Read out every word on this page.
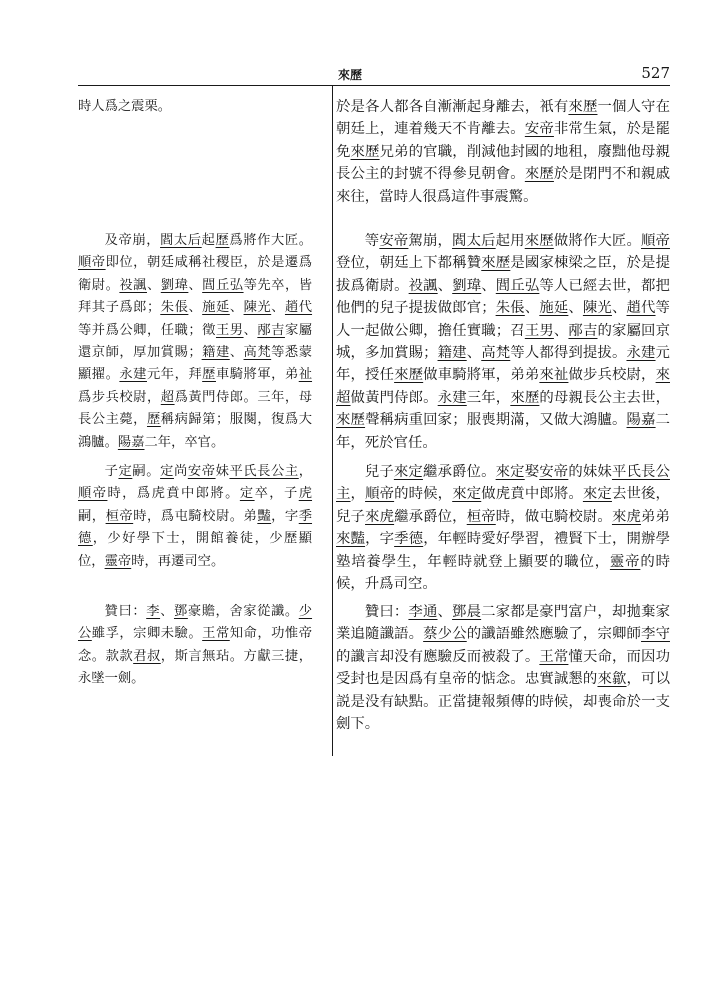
來歷	527

時人爲之震栗。

及帝崩，閻太后起歷爲將作大匠。順帝即位，朝廷咸稱社稷臣，於是遷爲衛尉。祋諷、劉瑋、閭丘弘等先卒，皆拜其子爲郎；朱倀、施延、陳光、趙代等并爲公卿，任職；徵王男、邴吉家屬還京師，厚加賞賜；籍建、高梵等悉蒙顯擢。永建元年，拜歷車騎將軍，弟祉爲步兵校尉，超爲黃門侍郎。三年，母長公主薨，歷稱病歸第；服闋，復爲大鴻臚。陽嘉二年，卒官。

子定嗣。定尚安帝妹平氏長公主，順帝時，爲虎賁中郎將。定卒，子虎嗣，桓帝時，爲屯騎校尉。弟豔，字季德，少好學下士，開館養徒，少歷顯位，靈帝時，再遷司空。

贊曰：李、鄧豪贍，舍家從讖。少公雖孚，宗卿未驗。王常知命，功惟帝念。款款君叔，斯言無玷。方獻三捷，永墜一劍。

於是各人都各自漸漸起身離去，衹有來歷一個人守在朝廷上，連着幾天不肯離去。安帝非常生氣，於是罷免來歷兄弟的官職，削減他封國的地租，廢黜他母親長公主的封號不得參見朝會。來歷於是閉門不和親戚來往，當時人很爲這件事震驚。

等安帝駕崩，閻太后起用來歷做將作大匠。順帝登位，朝廷上下都稱贊來歷是國家棟梁之臣，於是提拔爲衛尉。祋諷、劉瑋、閭丘弘等人已經去世，都把他們的兒子提拔做郎官；朱倀、施延、陳光、趙代等人一起做公卿，擔任實職；召王男、邴吉的家屬回京城，多加賞賜；籍建、高梵等人都得到提拔。永建元年，授任來歷做車騎將軍，弟弟來祉做步兵校尉，來超做黃門侍郎。永建三年，來歷的母親長公主去世，來歷聲稱病重回家；服喪期滿，又做大鴻臚。陽嘉二年，死於官任。

兒子來定繼承爵位。來定娶安帝的妹妹平氏長公主，順帝的時候，來定做虎賁中郎將。來定去世後，兒子來虎繼承爵位，桓帝時，做屯騎校尉。來虎弟弟來豔，字季德，年輕時愛好學習，禮賢下士，開辦學塾培養學生，年輕時就登上顯要的職位，靈帝的時候，升爲司空。

贊曰：李通、鄧晨二家都是豪門富户，却拋棄家業追隨讖語。蔡少公的讖語雖然應驗了，宗卿師李守的讖言却没有應驗反而被殺了。王常懂天命，而因功受封也是因爲有皇帝的惦念。忠實誠懇的來歙，可以説是没有缺點。正當捷報頻傳的時候，却喪命於一支劍下。
